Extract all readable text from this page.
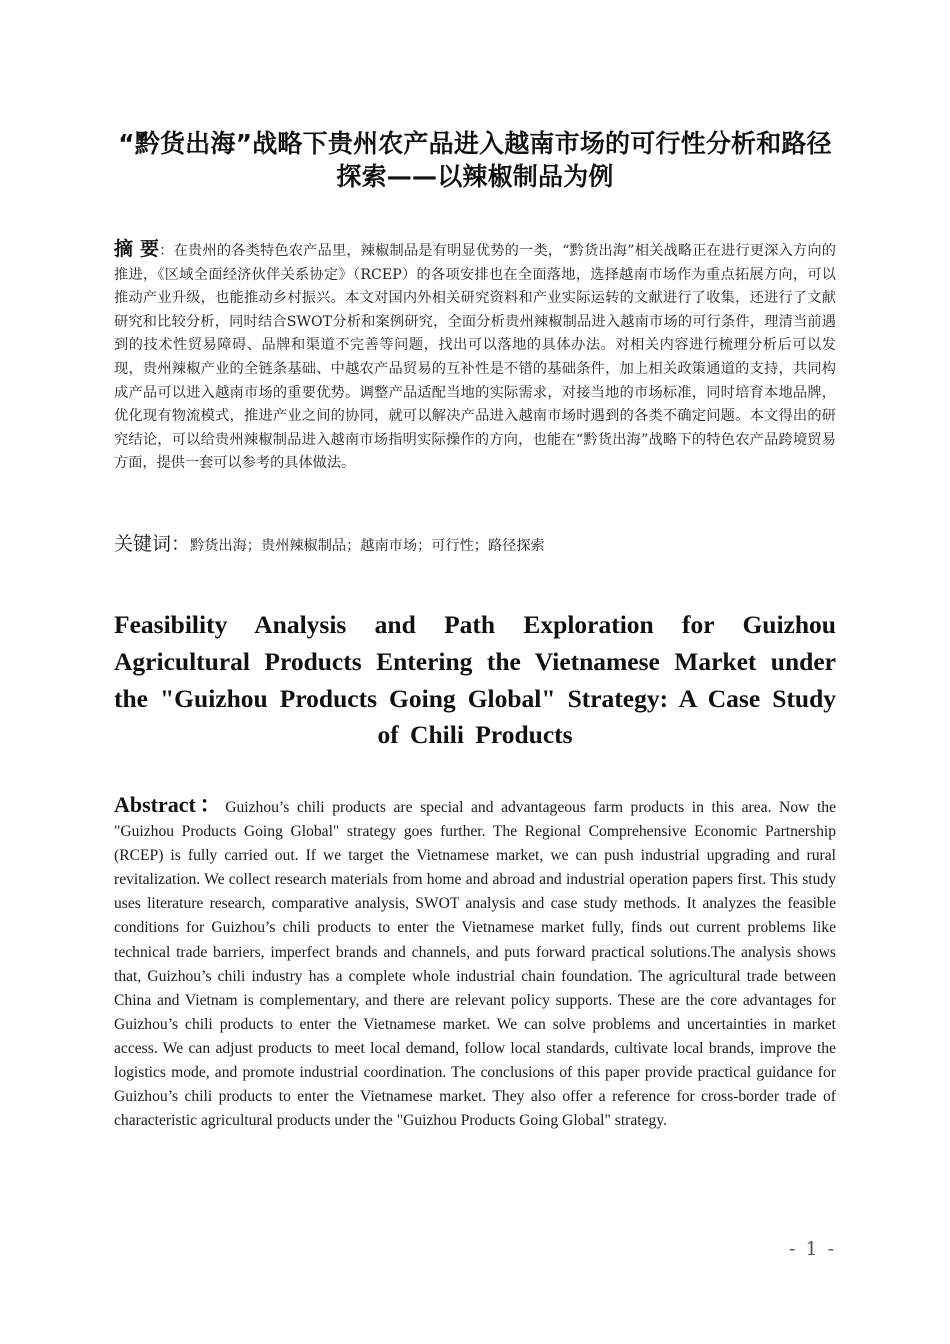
“黔货出海”战略下贵州农产品进入越南市场的可行性分析和路径探索——以辣椒制品为例
摘 要：在贵州的各类特色农产品里，辣椒制品是有明显优势的一类，“黔货出海”相关战略正在进行更深入方向的推进，《区域全面经济伙伴关系协定》（RCEP）的各项安排也在全面落地，选择越南市场作为重点拓展方向，可以推动产业升级，也能推动乡村振兴。本文对国内外相关研究资料和产业实际运转的文献进行了收集，还进行了文献研究和比较分析，同时结合SWOT分析和案例研究，全面分析贵州辣椒制品进入越南市场的可行条件，理清当前遇到的技术性贸易障碍、品牌和渠道不完善等问题，找出可以落地的具体办法。对相关内容进行梳理分析后可以发现，贵州辣椒产业的全链条基础、中越农产品贸易的互补性是不错的基础条件，加上相关政策通道的支持，共同构成产品可以进入越南市场的重要优势。调整产品适配当地的实际需求，对接当地的市场标准，同时培育本地品牌，优化现有物流模式，推进产业之间的协同，就可以解决产品进入越南市场时遇到的各类不确定问题。本文得出的研究结论，可以给贵州辣椒制品进入越南市场指明实际操作的方向，也能在“黔货出海”战略下的特色农产品跨境贸易方面，提供一套可以参考的具体做法。
关键词：黔货出海；贵州辣椒制品；越南市场；可行性；路径探索
Feasibility Analysis and Path Exploration for Guizhou Agricultural Products Entering the Vietnamese Market under the "Guizhou Products Going Global" Strategy: A Case Study of Chili Products
Abstract：Guizhou’s chili products are special and advantageous farm products in this area. Now the "Guizhou Products Going Global" strategy goes further. The Regional Comprehensive Economic Partnership (RCEP) is fully carried out. If we target the Vietnamese market, we can push industrial upgrading and rural revitalization. We collect research materials from home and abroad and industrial operation papers first. This study uses literature research, comparative analysis, SWOT analysis and case study methods. It analyzes the feasible conditions for Guizhou’s chili products to enter the Vietnamese market fully, finds out current problems like technical trade barriers, imperfect brands and channels, and puts forward practical solutions.The analysis shows that, Guizhou’s chili industry has a complete whole industrial chain foundation. The agricultural trade between China and Vietnam is complementary, and there are relevant policy supports. These are the core advantages for Guizhou’s chili products to enter the Vietnamese market. We can solve problems and uncertainties in market access. We can adjust products to meet local demand, follow local standards, cultivate local brands, improve the logistics mode, and promote industrial coordination. The conclusions of this paper provide practical guidance for Guizhou’s chili products to enter the Vietnamese market. They also offer a reference for cross-border trade of characteristic agricultural products under the "Guizhou Products Going Global" strategy.
- 1 -
